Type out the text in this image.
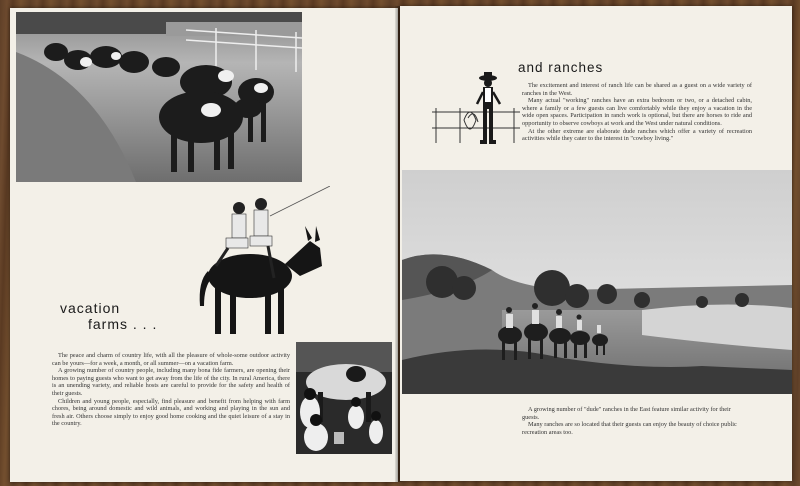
vacation
farms . . .

The peace and charm of country life, with all the pleasure of whole-some outdoor activity can be yours—for a week, a month, or all summer—on a vacation farm.

A growing number of country people, including many bona fide farmers, are opening their homes to paying guests who want to get away from the life of the city. In rural America, there is an unending variety, and reliable hosts are careful to provide for the safety and health of their guests.

Children and young people, especially, find pleasure and benefit from helping with farm chores, being around domestic and wild animals, and working and playing in the sun and fresh air. Others choose simply to enjoy good home cooking and the quiet leisure of a stay in the country.

and ranches

The excitement and interest of ranch life can be shared as a guest on a wide variety of ranches in the West.

Many actual "working" ranches have an extra bedroom or two, or a detached cabin, where a family or a few guests can live comfortably while they enjoy a vacation in the wide open spaces. Participation in ranch work is optional, but there are horses to ride and opportunity to observe cowboys at work and the West under natural conditions.

At the other extreme are elaborate dude ranches which offer a variety of recreation activities while they cater to the interest in "cowboy living."

A growing number of "dude" ranches in the East feature similar activity for their guests.

Many ranches are so located that their guests can enjoy the beauty of choice public recreation areas too.
